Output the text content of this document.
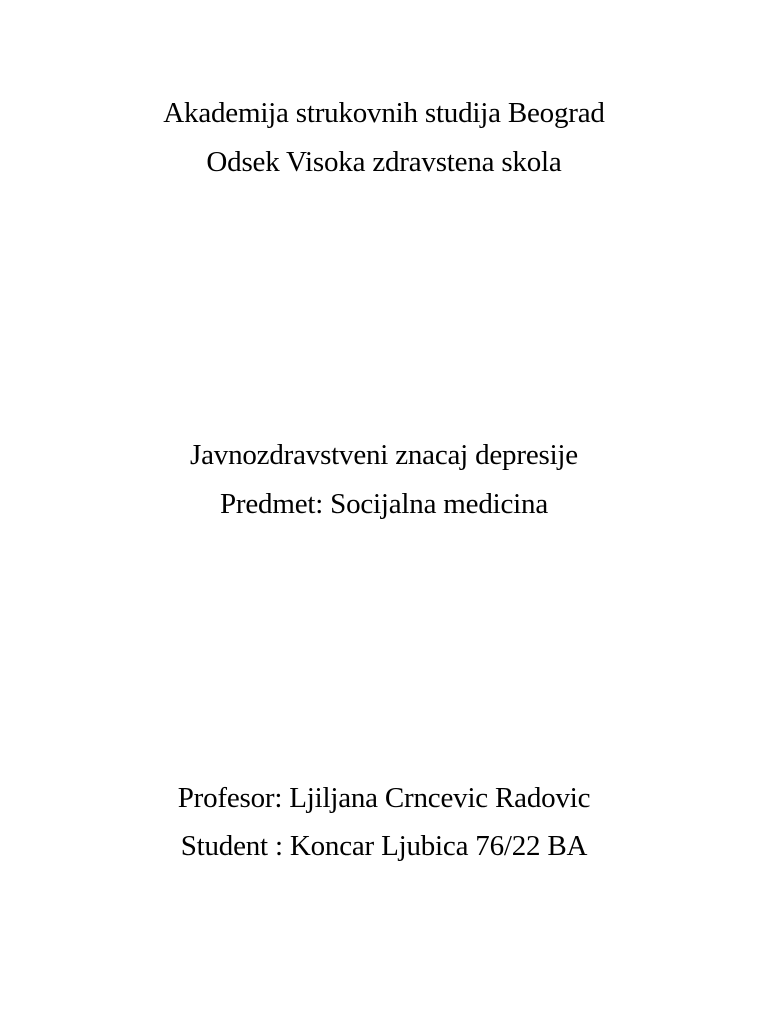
Akademija strukovnih studija Beograd
Odsek Visoka zdravstena skola
Javnozdravstveni znacaj depresije
Predmet: Socijalna medicina
Profesor: Ljiljana Crncevic Radovic
Student : Koncar Ljubica 76/22 BA
